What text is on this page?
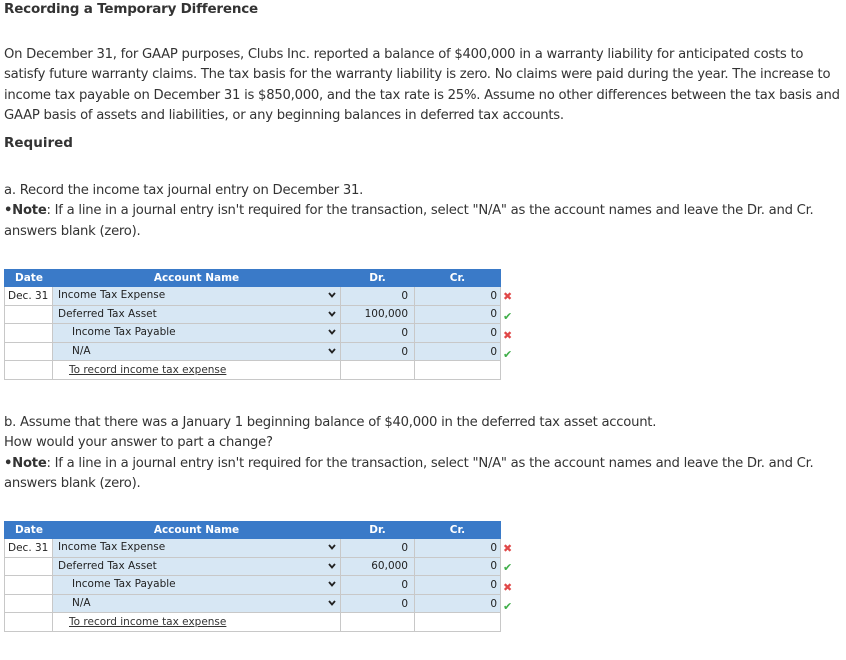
Recording a Temporary Difference
On December 31, for GAAP purposes, Clubs Inc. reported a balance of $400,000 in a warranty liability for anticipated costs to satisfy future warranty claims. The tax basis for the warranty liability is zero. No claims were paid during the year. The increase to income tax payable on December 31 is $850,000, and the tax rate is 25%. Assume no other differences between the tax basis and GAAP basis of assets and liabilities, or any beginning balances in deferred tax accounts.
Required
a. Record the income tax journal entry on December 31.
•Note: If a line in a journal entry isn't required for the transaction, select "N/A" as the account names and leave the Dr. and Cr. answers blank (zero).
Date	Account Name	Dr.	Cr.
Dec. 31	Income Tax Expense	0	0

	Deferred Tax Asset	100,000	0

	Income Tax Payable	0	0

	N/A	0	0

	To record income tax expense		

✖
✔
✖
✔
b. Assume that there was a January 1 beginning balance of $40,000 in the deferred tax asset account.
How would your answer to part a change?
•Note: If a line in a journal entry isn't required for the transaction, select "N/A" as the account names and leave the Dr. and Cr. answers blank (zero).
Date	Account Name	Dr.	Cr.
Dec. 31	Income Tax Expense	0	0

	Deferred Tax Asset	60,000	0

	Income Tax Payable	0	0

	N/A	0	0

	To record income tax expense		

✖
✔
✖
✔
